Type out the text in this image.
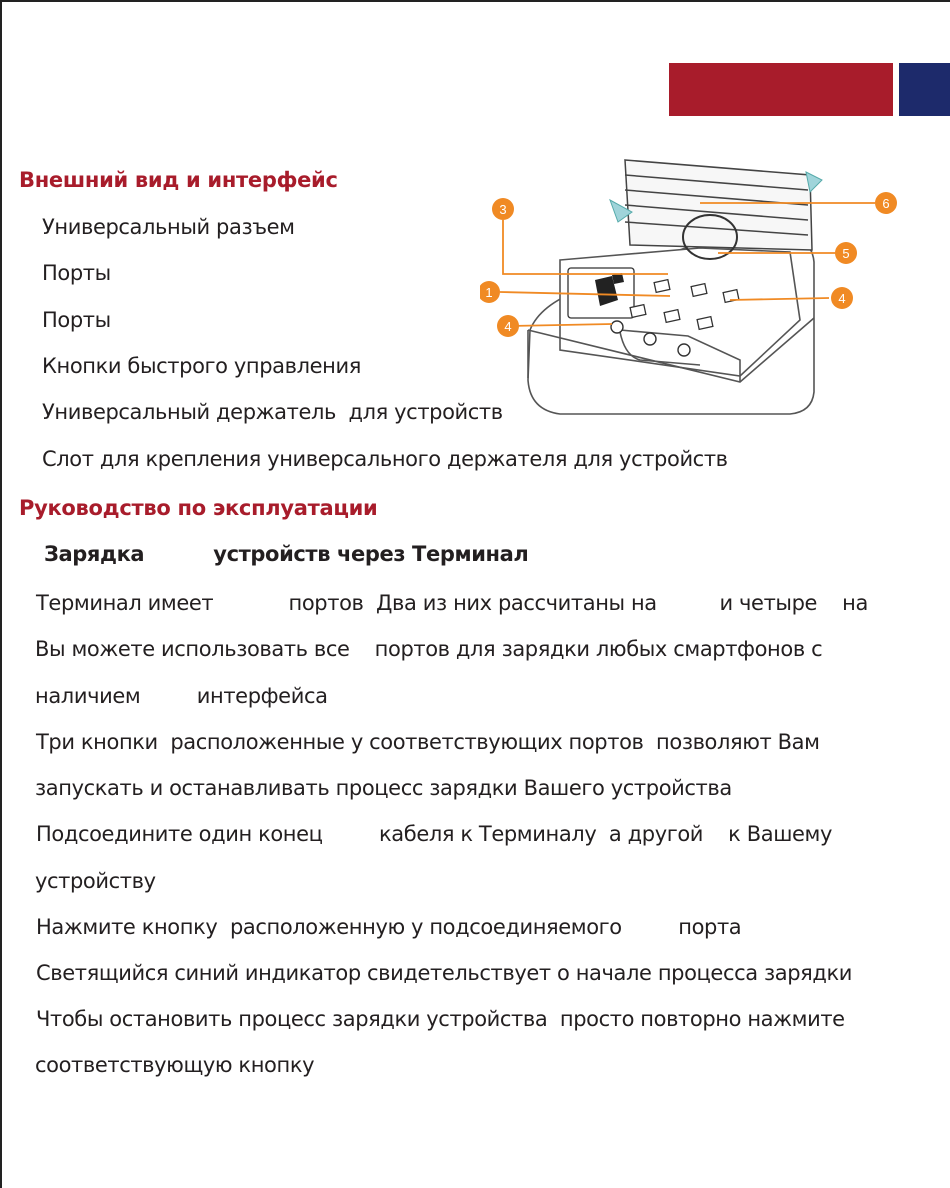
Внешний вид и интерфейс
Универсальный разъем
Порты
Порты
Кнопки быстрого управления
Универсальный держатель  для устройств
Слот для крепления универсального держателя для устройств
1
3
4
4
5
6
Руководство по эксплуатации
Зарядка          устройств через Терминал
Терминал имеет            портов  Два из них рассчитаны на          и четыре    на
Вы можете использовать все    портов для зарядки любых смартфонов с
наличием         интерфейса
Три кнопки  расположенные у соответствующих портов  позволяют Вам
запускать и останавливать процесс зарядки Вашего устройства
Подсоедините один конец         кабеля к Терминалу  а другой    к Вашему
устройству
Нажмите кнопку  расположенную у подсоединяемого         порта
Светящийся синий индикатор свидетельствует о начале процесса зарядки
Чтобы остановить процесс зарядки устройства  просто повторно нажмите
соответствующую кнопку
